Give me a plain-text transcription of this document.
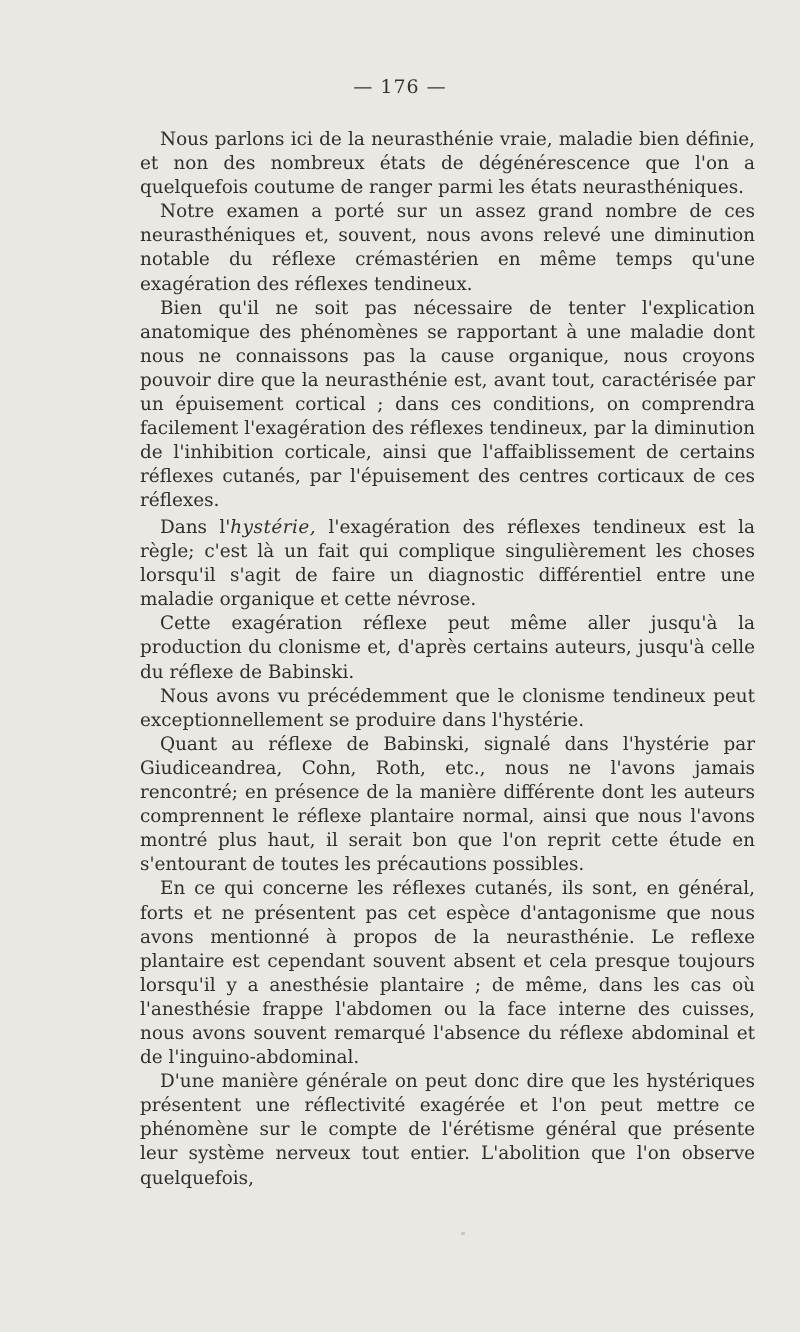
— 176 —

Nous parlons ici de la neurasthénie vraie, maladie bien définie, et non des nombreux états de dégénérescence que l'on a quelquefois coutume de ranger parmi les états neurasthéniques.

Notre examen a porté sur un assez grand nombre de ces neurasthéniques et, souvent, nous avons relevé une diminution notable du réflexe crémastérien en même temps qu'une exagération des réflexes tendineux.

Bien qu'il ne soit pas nécessaire de tenter l'explication anatomique des phénomènes se rapportant à une maladie dont nous ne connaissons pas la cause organique, nous croyons pouvoir dire que la neurasthénie est, avant tout, caractérisée par un épuisement cortical ; dans ces conditions, on comprendra facilement l'exagération des réflexes tendineux, par la diminution de l'inhibition corticale, ainsi que l'affaiblissement de certains réflexes cutanés, par l'épuisement des centres corticaux de ces réflexes.

Dans l'hystérie, l'exagération des réflexes tendineux est la règle; c'est là un fait qui complique singulièrement les choses lorsqu'il s'agit de faire un diagnostic différentiel entre une maladie organique et cette névrose.

Cette exagération réflexe peut même aller jusqu'à la production du clonisme et, d'après certains auteurs, jusqu'à celle du réflexe de Babinski.

Nous avons vu précédemment que le clonisme tendineux peut exceptionnellement se produire dans l'hystérie.

Quant au réflexe de Babinski, signalé dans l'hystérie par Giudiceandrea, Cohn, Roth, etc., nous ne l'avons jamais rencontré; en présence de la manière différente dont les auteurs comprennent le réflexe plantaire normal, ainsi que nous l'avons montré plus haut, il serait bon que l'on reprit cette étude en s'entourant de toutes les précautions possibles.

En ce qui concerne les réflexes cutanés, ils sont, en général, forts et ne présentent pas cet espèce d'antagonisme que nous avons mentionné à propos de la neurasthénie. Le reflexe plantaire est cependant souvent absent et cela presque toujours lorsqu'il y a anesthésie plantaire ; de même, dans les cas où l'anesthésie frappe l'abdomen ou la face interne des cuisses, nous avons souvent remarqué l'absence du réflexe abdominal et de l'inguino-abdominal.

D'une manière générale on peut donc dire que les hystériques présentent une réflectivité exagérée et l'on peut mettre ce phénomène sur le compte de l'érétisme général que présente leur système nerveux tout entier. L'abolition que l'on observe quelquefois,
